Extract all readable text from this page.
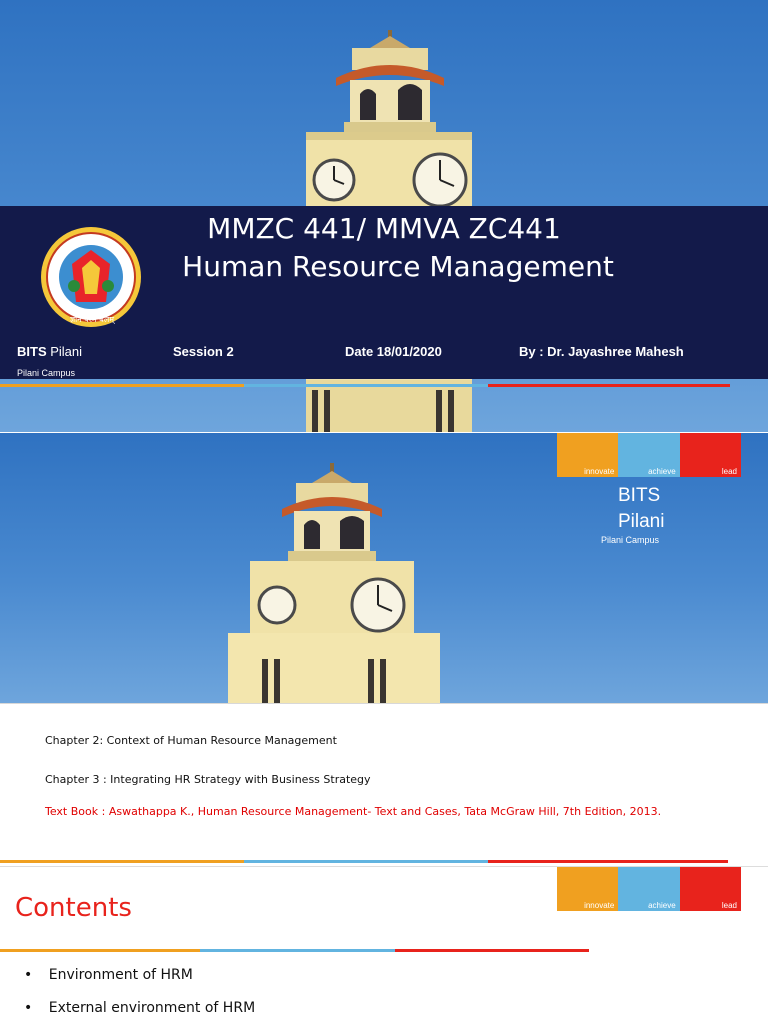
ज्ञानं परमं बलम्
MMZC 441/ MMVA ZC441
Human Resource Management
BITS Pilani
Pilani Campus
Session 2	Date 18/01/2020	By : Dr. Jayashree Mahesh
innovate	achieve	lead
BITS
Pilani
Pilani Campus
Chapter 2: Context of Human Resource Management
Chapter 3 : Integrating HR Strategy with Business Strategy
Text Book : Aswathappa K., Human Resource Management- Text and Cases, Tata McGraw Hill, 7th Edition, 2013.
Contents	innovate	achieve	lead
• Environment of HRM
• External environment of HRM
